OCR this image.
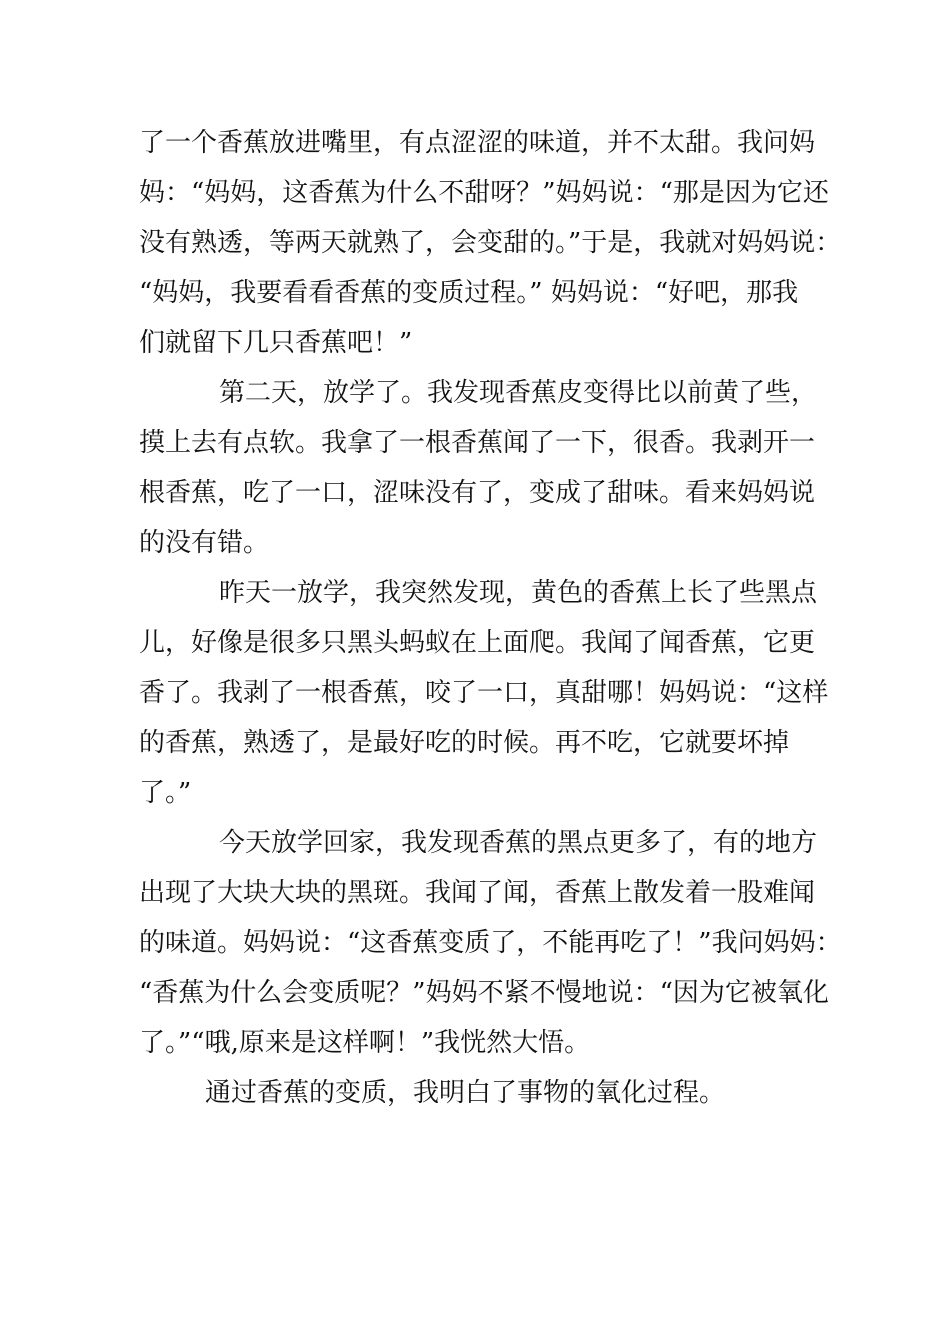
了一个香蕉放进嘴里，有点涩涩的味道，并不太甜。我问妈
妈：“妈妈，这香蕉为什么不甜呀？”妈妈说：“那是因为它还
没有熟透，等两天就熟了，会变甜的。”于是，我就对妈妈说：
“妈妈，我要看看香蕉的变质过程。” 妈妈说：“好吧，那我
们就留下几只香蕉吧！”
第二天，放学了。我发现香蕉皮变得比以前黄了些，
摸上去有点软。我拿了一根香蕉闻了一下，很香。我剥开一
根香蕉，吃了一口，涩味没有了，变成了甜味。看来妈妈说
的没有错。
昨天一放学，我突然发现，黄色的香蕉上长了些黑点
儿，好像是很多只黑头蚂蚁在上面爬。我闻了闻香蕉，它更
香了。我剥了一根香蕉，咬了一口，真甜哪！妈妈说：“这样
的香蕉，熟透了，是最好吃的时候。再不吃，它就要坏掉
了。”
今天放学回家，我发现香蕉的黑点更多了，有的地方
出现了大块大块的黑斑。我闻了闻，香蕉上散发着一股难闻
的味道。妈妈说：“这香蕉变质了，不能再吃了！”我问妈妈：
“香蕉为什么会变质呢？”妈妈不紧不慢地说：“因为它被氧化
了。”“哦,原来是这样啊！”我恍然大悟。
通过香蕉的变质，我明白了事物的氧化过程。
